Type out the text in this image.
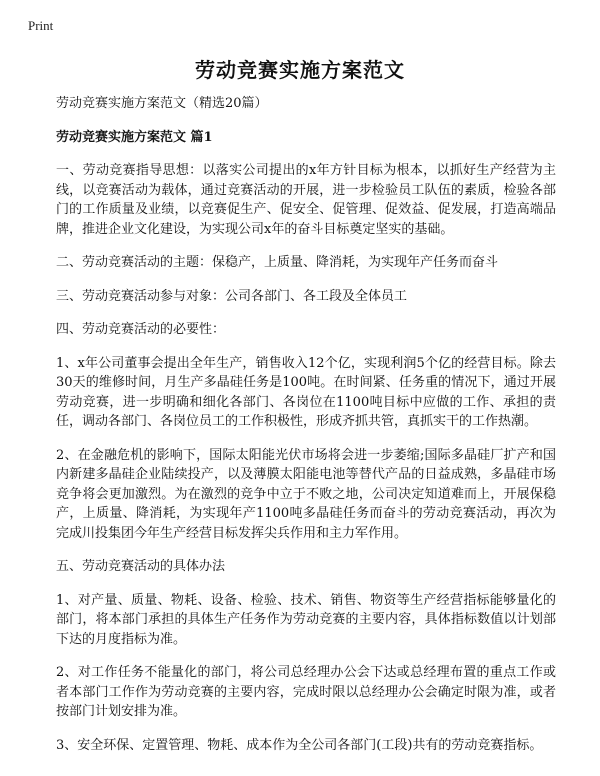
Print
劳动竞赛实施方案范文

劳动竞赛实施方案范文（精选20篇）

劳动竞赛实施方案范文 篇1

一、劳动竞赛指导思想：以落实公司提出的x年方针目标为根本，以抓好生产经营为主线，以竞赛活动为载体，通过竞赛活动的开展，进一步检验员工队伍的素质，检验各部门的工作质量及业绩，以竞赛促生产、促安全、促管理、促效益、促发展，打造高端品牌，推进企业文化建设，为实现公司x年的奋斗目标奠定坚实的基础。

二、劳动竞赛活动的主题：保稳产，上质量、降消耗，为实现年产任务而奋斗

三、劳动竞赛活动参与对象：公司各部门、各工段及全体员工

四、劳动竞赛活动的必要性：

1、x年公司董事会提出全年生产，销售收入12个亿，实现利润5个亿的经营目标。除去30天的维修时间，月生产多晶硅任务是100吨。在时间紧、任务重的情况下，通过开展劳动竞赛，进一步明确和细化各部门、各岗位在1100吨目标中应做的工作、承担的责任，调动各部门、各岗位员工的工作积极性，形成齐抓共管，真抓实干的工作热潮。

2、在金融危机的影响下，国际太阳能光伏市场将会进一步萎缩;国际多晶硅厂扩产和国内新建多晶硅企业陆续投产，以及薄膜太阳能电池等替代产品的日益成熟，多晶硅市场竞争将会更加激烈。为在激烈的竞争中立于不败之地，公司决定知道难而上，开展保稳产，上质量、降消耗，为实现年产1100吨多晶硅任务而奋斗的劳动竞赛活动，再次为完成川投集团今年生产经营目标发挥尖兵作用和主力军作用。

五、劳动竞赛活动的具体办法

1、对产量、质量、物耗、设备、检验、技术、销售、物资等生产经营指标能够量化的部门，将本部门承担的具体生产任务作为劳动竞赛的主要内容，具体指标数值以计划部下达的月度指标为准。

2、对工作任务不能量化的部门，将公司总经理办公会下达或总经理布置的重点工作或者本部门工作作为劳动竞赛的主要内容，完成时限以总经理办公会确定时限为准，或者按部门计划安排为准。

3、安全环保、定置管理、物耗、成本作为全公司各部门(工段)共有的劳动竞赛指标。
